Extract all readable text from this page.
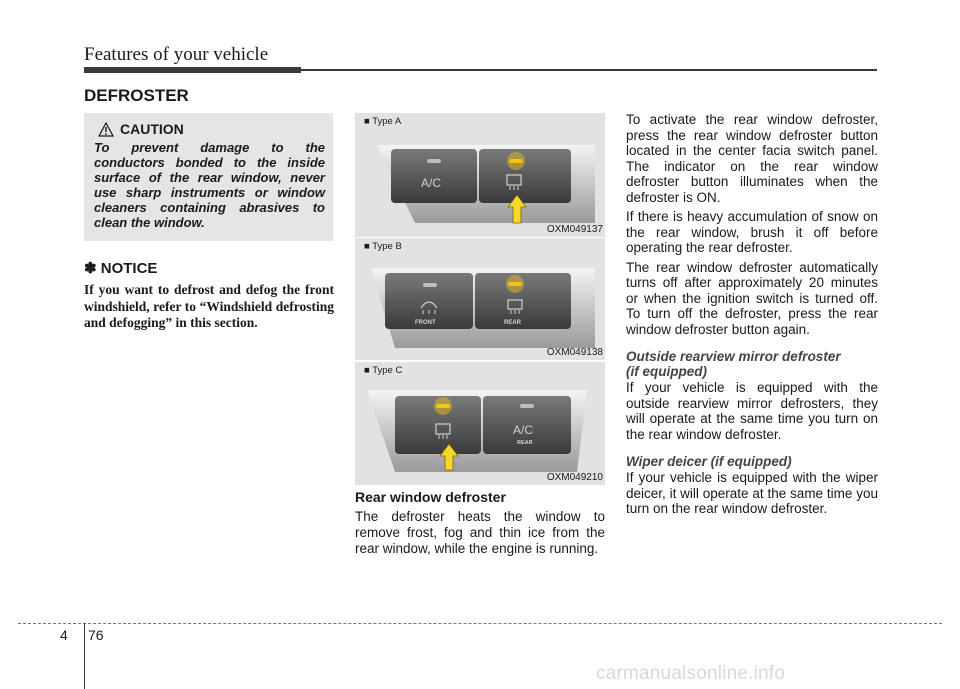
Features of your vehicle
DEFROSTER
CAUTION
To prevent damage to the conductors bonded to the inside surface of the rear window, never use sharp instruments or window cleaners containing abrasives to clean the window.
✽ NOTICE
If you want to defrost and defog the front windshield, refer to “Windshield defrosting and defogging” in this section.
A/C
■ Type A
OXM049137
FRONT	REAR
■ Type B
OXM049138
A/C
REAR
■ Type C
OXM049210
Rear window defroster
The defroster heats the window to remove frost, fog and thin ice from the rear window, while the engine is running.

To activate the rear window defroster, press the rear window defroster button located in the center facia switch panel. The indicator on the rear window defroster button illuminates when the defroster is ON.

If there is heavy accumulation of snow on the rear window, brush it off before operating the rear defroster.

The rear window defroster automatically turns off after approximately 20 minutes or when the ignition switch is turned off. To turn off the defroster, press the rear window defroster button again.

Outside rearview mirror defroster
(if equipped)

If your vehicle is equipped with the outside rearview mirror defrosters, they will operate at the same time you turn on the rear window defroster.

Wiper deicer (if equipped)

If your vehicle is equipped with the wiper deicer, it will operate at the same time you turn on the rear window defroster.

4 76
carmanualsonline.info
